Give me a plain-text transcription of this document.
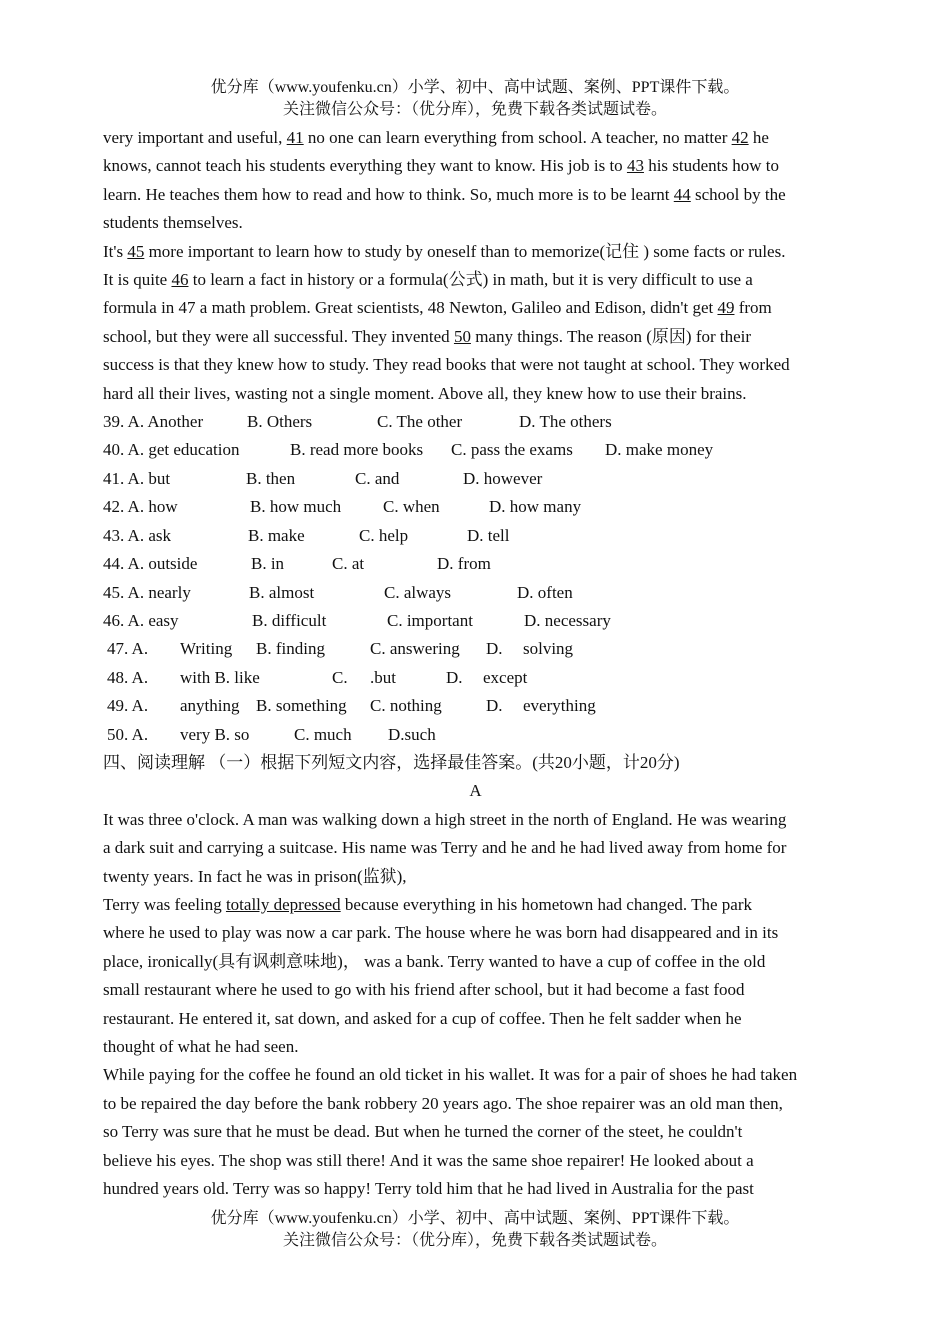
优分库（www.youfenku.cn）小学、初中、高中试题、案例、PPT课件下载。
关注微信公众号：（优分库），免费下载各类试题试卷。

very important and useful, 41 no one can learn everything from school. A teacher, no matter 42 he

knows, cannot teach his students everything they want to know. His job is to 43 his students how to

learn. He teaches them how to read and how to think. So, much more is to be learnt 44 school by the

students themselves.

It's 45 more important to learn how to study by oneself than to memorize(记住 ) some facts or rules.

It is quite 46 to learn a fact in history or a formula(公式) in math, but it is very difficult to use a

formula in 47 a math problem. Great scientists, 48 Newton, Galileo and Edison, didn't get 49 from

school, but they were all successful. They invented 50 many things. The reason (原因) for their

success is that they knew how to study. They read books that were not taught at school. They worked

hard all their lives, wasting not a single moment. Above all, they knew how to use their brains.

39. A. Another	B. Others	C. The other	D. The others

40. A. get education	B. read more books	C. pass the exams	D. make money

41. A. but	B. then	C. and	D. however

42. A. how	B. how much	C. when	D. how many

43. A. ask	B. make	C. help	D. tell

44. A. outside	B. in	C. at	D. from

45. A. nearly	B. almost	C. always	D. often

46. A. easy	B. difficult	C. important	D. necessary

47. A.	Writing	B. finding	C. answering	D.	solving

48. A.	with B. like	C.	.but	D.	except

49. A.	anything B. something	C. nothing	D.	everything

50. A.	very B. so	C. much	D.such

四、阅读理解 （一）根据下列短文内容，选择最佳答案。(共20小题，计20分)

A

It was three o'clock. A man was walking down a high street in the north of England. He was wearing

a dark suit and carrying a suitcase. His name was Terry and he and he had lived away from home for

twenty years. In fact he was in prison(监狱),

Terry was feeling totally depressed because everything in his hometown had changed. The park

where he used to play was now a car park. The house where he was born had disappeared and in its

place, ironically(具有讽刺意味地)， was a bank. Terry wanted to have a cup of coffee in the old

small restaurant where he used to go with his friend after school, but it had become a fast food

restaurant. He entered it, sat down, and asked for a cup of coffee. Then he felt sadder when he

thought of what he had seen.

While paying for the coffee he found an old ticket in his wallet. It was for a pair of shoes he had taken

to be repaired the day before the bank robbery 20 years ago. The shoe repairer was an old man then,

so Terry was sure that he must be dead. But when he turned the corner of the steet, he couldn't

believe his eyes. The shop was still there! And it was the same shoe repairer! He looked about a

hundred years old. Terry was so happy! Terry told him that he had lived in Australia for the past

优分库（www.youfenku.cn）小学、初中、高中试题、案例、PPT课件下载。
关注微信公众号：（优分库），免费下载各类试题试卷。
